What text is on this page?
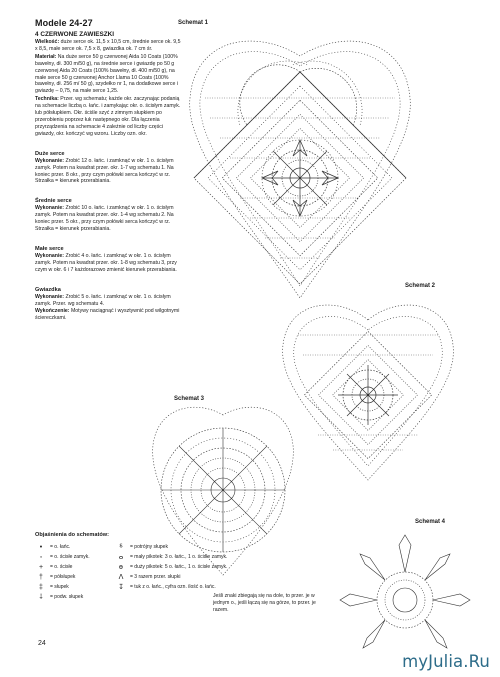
Modele 24-27
4 CZERWONE ZAWIESZKI
Wielkość: duże serce ok. 11,5 x 10,5 cm, średnie serce ok. 9,5 x 8,5, małe serce ok. 7,5 x 8, gwiazdka ok. 7 cm śr.
Materiał: Na duże serce 50 g czerwonej Aida 10 Coats (100% bawełny, dł. 300 m/50 g), na średnie serce i gwiazdę po 50 g czerwonej Aida 20 Coats (100% bawełny, dł. 400 m/50 g), na małe serce 50 g czerwonej Anchor Llama 10 Coats (100% bawełny, dł. 256 m/ 50 g), szydełko nr 1, na dodatkowe serce i gwiazdę – 0,75, na małe serce 1,25.
Technika: Przer. wg schematu; każde okr. zaczynając podanią na schemacie liczbą o. łańc. i zamykając okr. o. ścisłym zamyk. lub półsłupkiem. Okr. ściśle szyć z zimnym słupkiem po przerobieniu poprzez łuk następnego okr. Dla łączenia przyrządzenia na schemacie 4 zależnie od liczby części gwiazdy, okr. kończyć wg wzoru. Liczby ozn. okr.
Duże serce
Wykonanie: Zrobić 12 o. łańc. i zamknąć w okr. 1 o. ścisłym zamyk. Potem na kwadrat przer. okr. 1-7 wg schematu 1. Na koniec przer. 8 okr., przy czym połówki serca kończyć w rz. Strzałka = kierunek przerabiania.
Średnie serce
Wykonanie: Zrobić 10 o. łańc. i zamknąć w okr. 1 o. ścisłym zamyk. Potem na kwadrat przer. okr. 1-4 wg schematu 2. Na koniec przer. 5 okr., przy czym połówki serca kończyć w rz. Strzałka = kierunek przerabiania.
Małe serce
Wykonanie: Zrobić 4 o. łańc. i zamknąć w okr. 1 o. ścisłym zamyk. Potem na kwadrat przer. okr. 1-8 wg schematu 3, przy czym w okr. 6 i 7 każdorazowo zmienić kierunek przerabiania.
Gwiazdka
Wykonanie: Zrobić 5 o. łańc. i zamknąć w okr. 1 o. ścisłym zamyk. Przer. wg schematu 4.
Wykończenie: Motywy naciągnąć i wysztywnić pod wilgotnymi ściereczkami.
Schemat 1
Schemat 2
Schemat 3
Schemat 4
Objaśnienia do schematów:
•	= o. łańc.
◦	= o. ścisłe zamyk.
+	= o. ścisłe
†	= półsłupek
‡	= słupek
⸸	= podw. słupek
⸹	= potrójny słupek
ⴰ	= mały pikotek: 3 o. łańc., 1 o. ścisłe zamyk.
ɵ	= duży pikotek: 5 o. łańc., 1 o. ścisłe zamyk.
ⴷ	= 3 razem przer. słupki
↧	= tuk z o. łańc., cyfra ozn. ilość o. łańc.
Jeśli znaki zbiegają się na dole, to przer. je w jednym o., jeśli łączą się na górze, to przer. je razem.
24
myJulia.Ru
